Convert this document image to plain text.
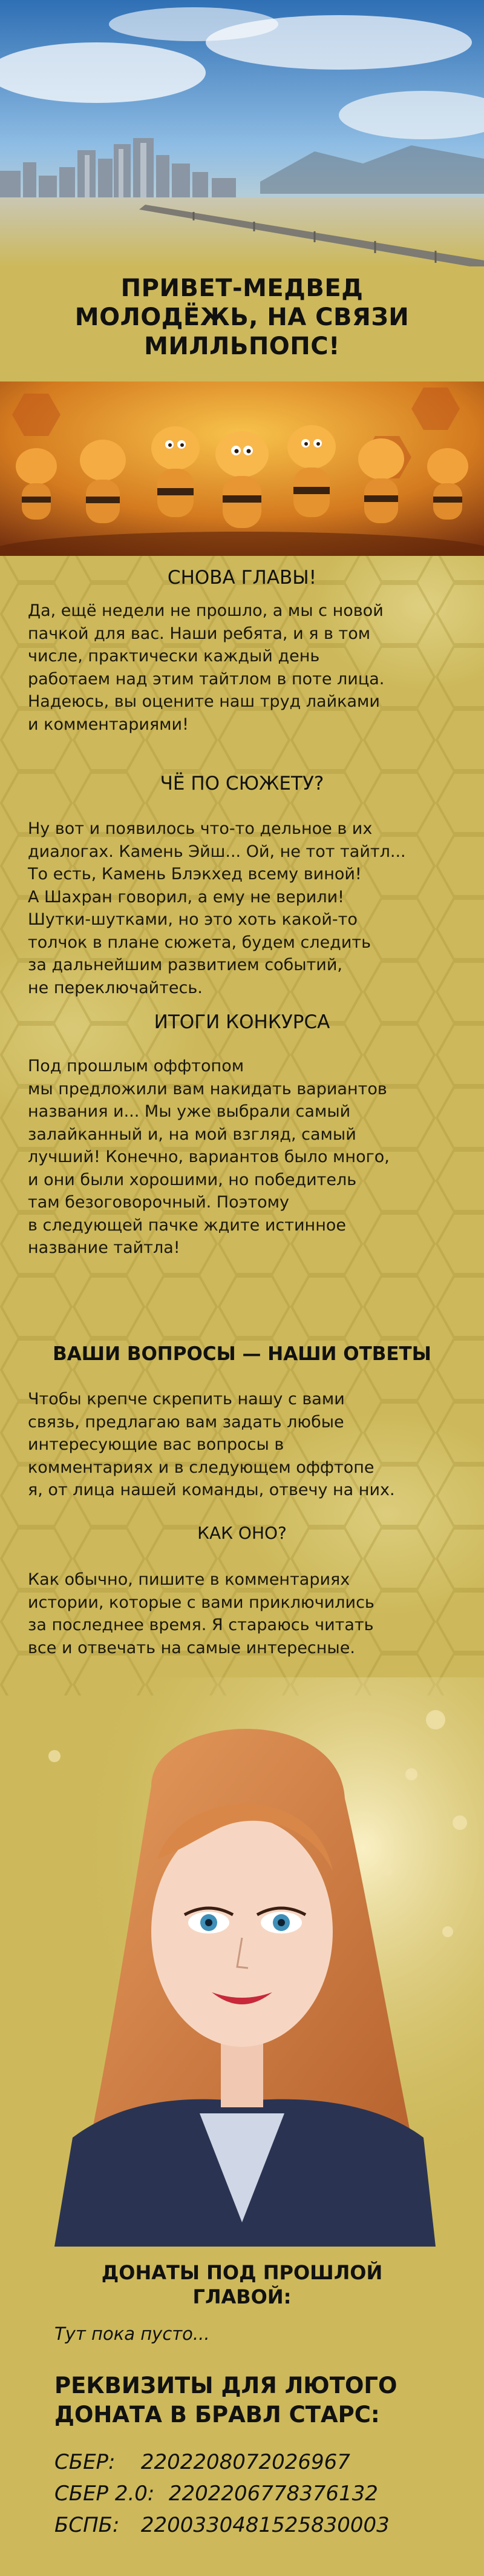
ПРИВЕТ-МЕДВЕД
МОЛОДЁЖЬ, НА СВЯЗИ
МИЛЛЬПОПС!
СНОВА ГЛАВЫ!

Да, ещё недели не прошло, а мы с новой
пачкой для вас. Наши ребята, и я в том
числе, практически каждый день
работаем над этим тайтлом в поте лица.
Надеюсь, вы оцените наш труд лайками
и комментариями!

ЧЁ ПО СЮЖЕТУ?

Ну вот и появилось что-то дельное в их
диалогах. Камень Эйш... Ой, не тот тайтл...
То есть, Камень Блэкхед всему виной!
А Шахран говорил, а ему не верили!
Шутки-шутками, но это хоть какой-то
толчок в плане сюжета, будем следить
за дальнейшим развитием событий,
не переключайтесь.

ИТОГИ КОНКУРСА

Под прошлым оффтопом
мы предложили вам накидать вариантов
названия и... Мы уже выбрали самый
залайканный и, на мой взгляд, самый
лучший! Конечно, вариантов было много,
и они были хорошими, но победитель
там безоговорочный. Поэтому
в следующей пачке ждите истинное
название тайтла!

ВАШИ ВОПРОСЫ — НАШИ ОТВЕТЫ

Чтобы крепче скрепить нашу с вами
связь, предлагаю вам задать любые
интересующие вас вопросы в
комментариях и в следующем оффтопе
я, от лица нашей команды, отвечу на них.

КАК ОНО?

Как обычно, пишите в комментариях
истории, которые с вами приключились
за последнее время. Я стараюсь читать
все и отвечать на самые интересные.

ДОНАТЫ ПОД ПРОШЛОЙ
ГЛАВОЙ:
Тут пока пусто...
РЕКВИЗИТЫ ДЛЯ ЛЮТОГО
ДОНАТА В БРАВЛ СТАРС:
СБЕР: 2202208072026967
СБЕР 2.0: 2202206778376132
БСПБ: 2200330481525830003
